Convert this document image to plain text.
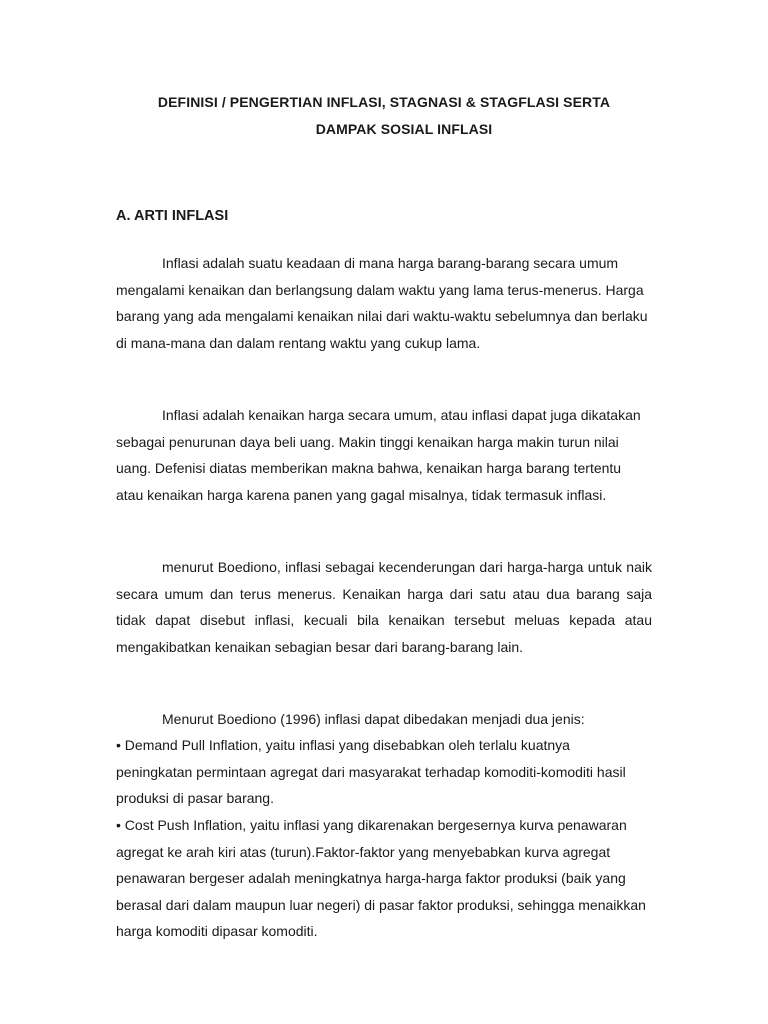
DEFINISI / PENGERTIAN INFLASI, STAGNASI & STAGFLASI SERTA
DAMPAK SOSIAL INFLASI
A. ARTI INFLASI

Inflasi adalah suatu keadaan di mana harga barang-barang secara umum mengalami kenaikan dan berlangsung dalam waktu yang lama terus-menerus. Harga barang yang ada mengalami kenaikan nilai dari waktu-waktu sebelumnya dan berlaku di mana-mana dan dalam rentang waktu yang cukup lama.

Inflasi adalah kenaikan harga secara umum, atau inflasi dapat juga dikatakan sebagai penurunan daya beli uang. Makin tinggi kenaikan harga makin turun nilai uang. Defenisi diatas memberikan makna bahwa, kenaikan harga barang tertentu atau kenaikan harga karena panen yang gagal misalnya, tidak termasuk inflasi.

menurut Boediono, inflasi sebagai kecenderungan dari harga-harga untuk naik secara umum dan terus menerus. Kenaikan harga dari satu atau dua barang saja tidak dapat disebut inflasi, kecuali bila kenaikan tersebut meluas kepada atau mengakibatkan kenaikan sebagian besar dari barang-barang lain.

Menurut Boediono (1996) inflasi dapat dibedakan menjadi dua jenis:

• Demand Pull Inflation, yaitu inflasi yang disebabkan oleh terlalu kuatnya peningkatan permintaan agregat dari masyarakat terhadap komoditi-komoditi hasil produksi di pasar barang.

• Cost Push Inflation, yaitu inflasi yang dikarenakan bergesernya kurva penawaran agregat ke arah kiri atas (turun).Faktor-faktor yang menyebabkan kurva agregat penawaran bergeser adalah meningkatnya harga-harga faktor produksi (baik yang berasal dari dalam maupun luar negeri) di pasar faktor produksi, sehingga menaikkan harga komoditi dipasar komoditi.
